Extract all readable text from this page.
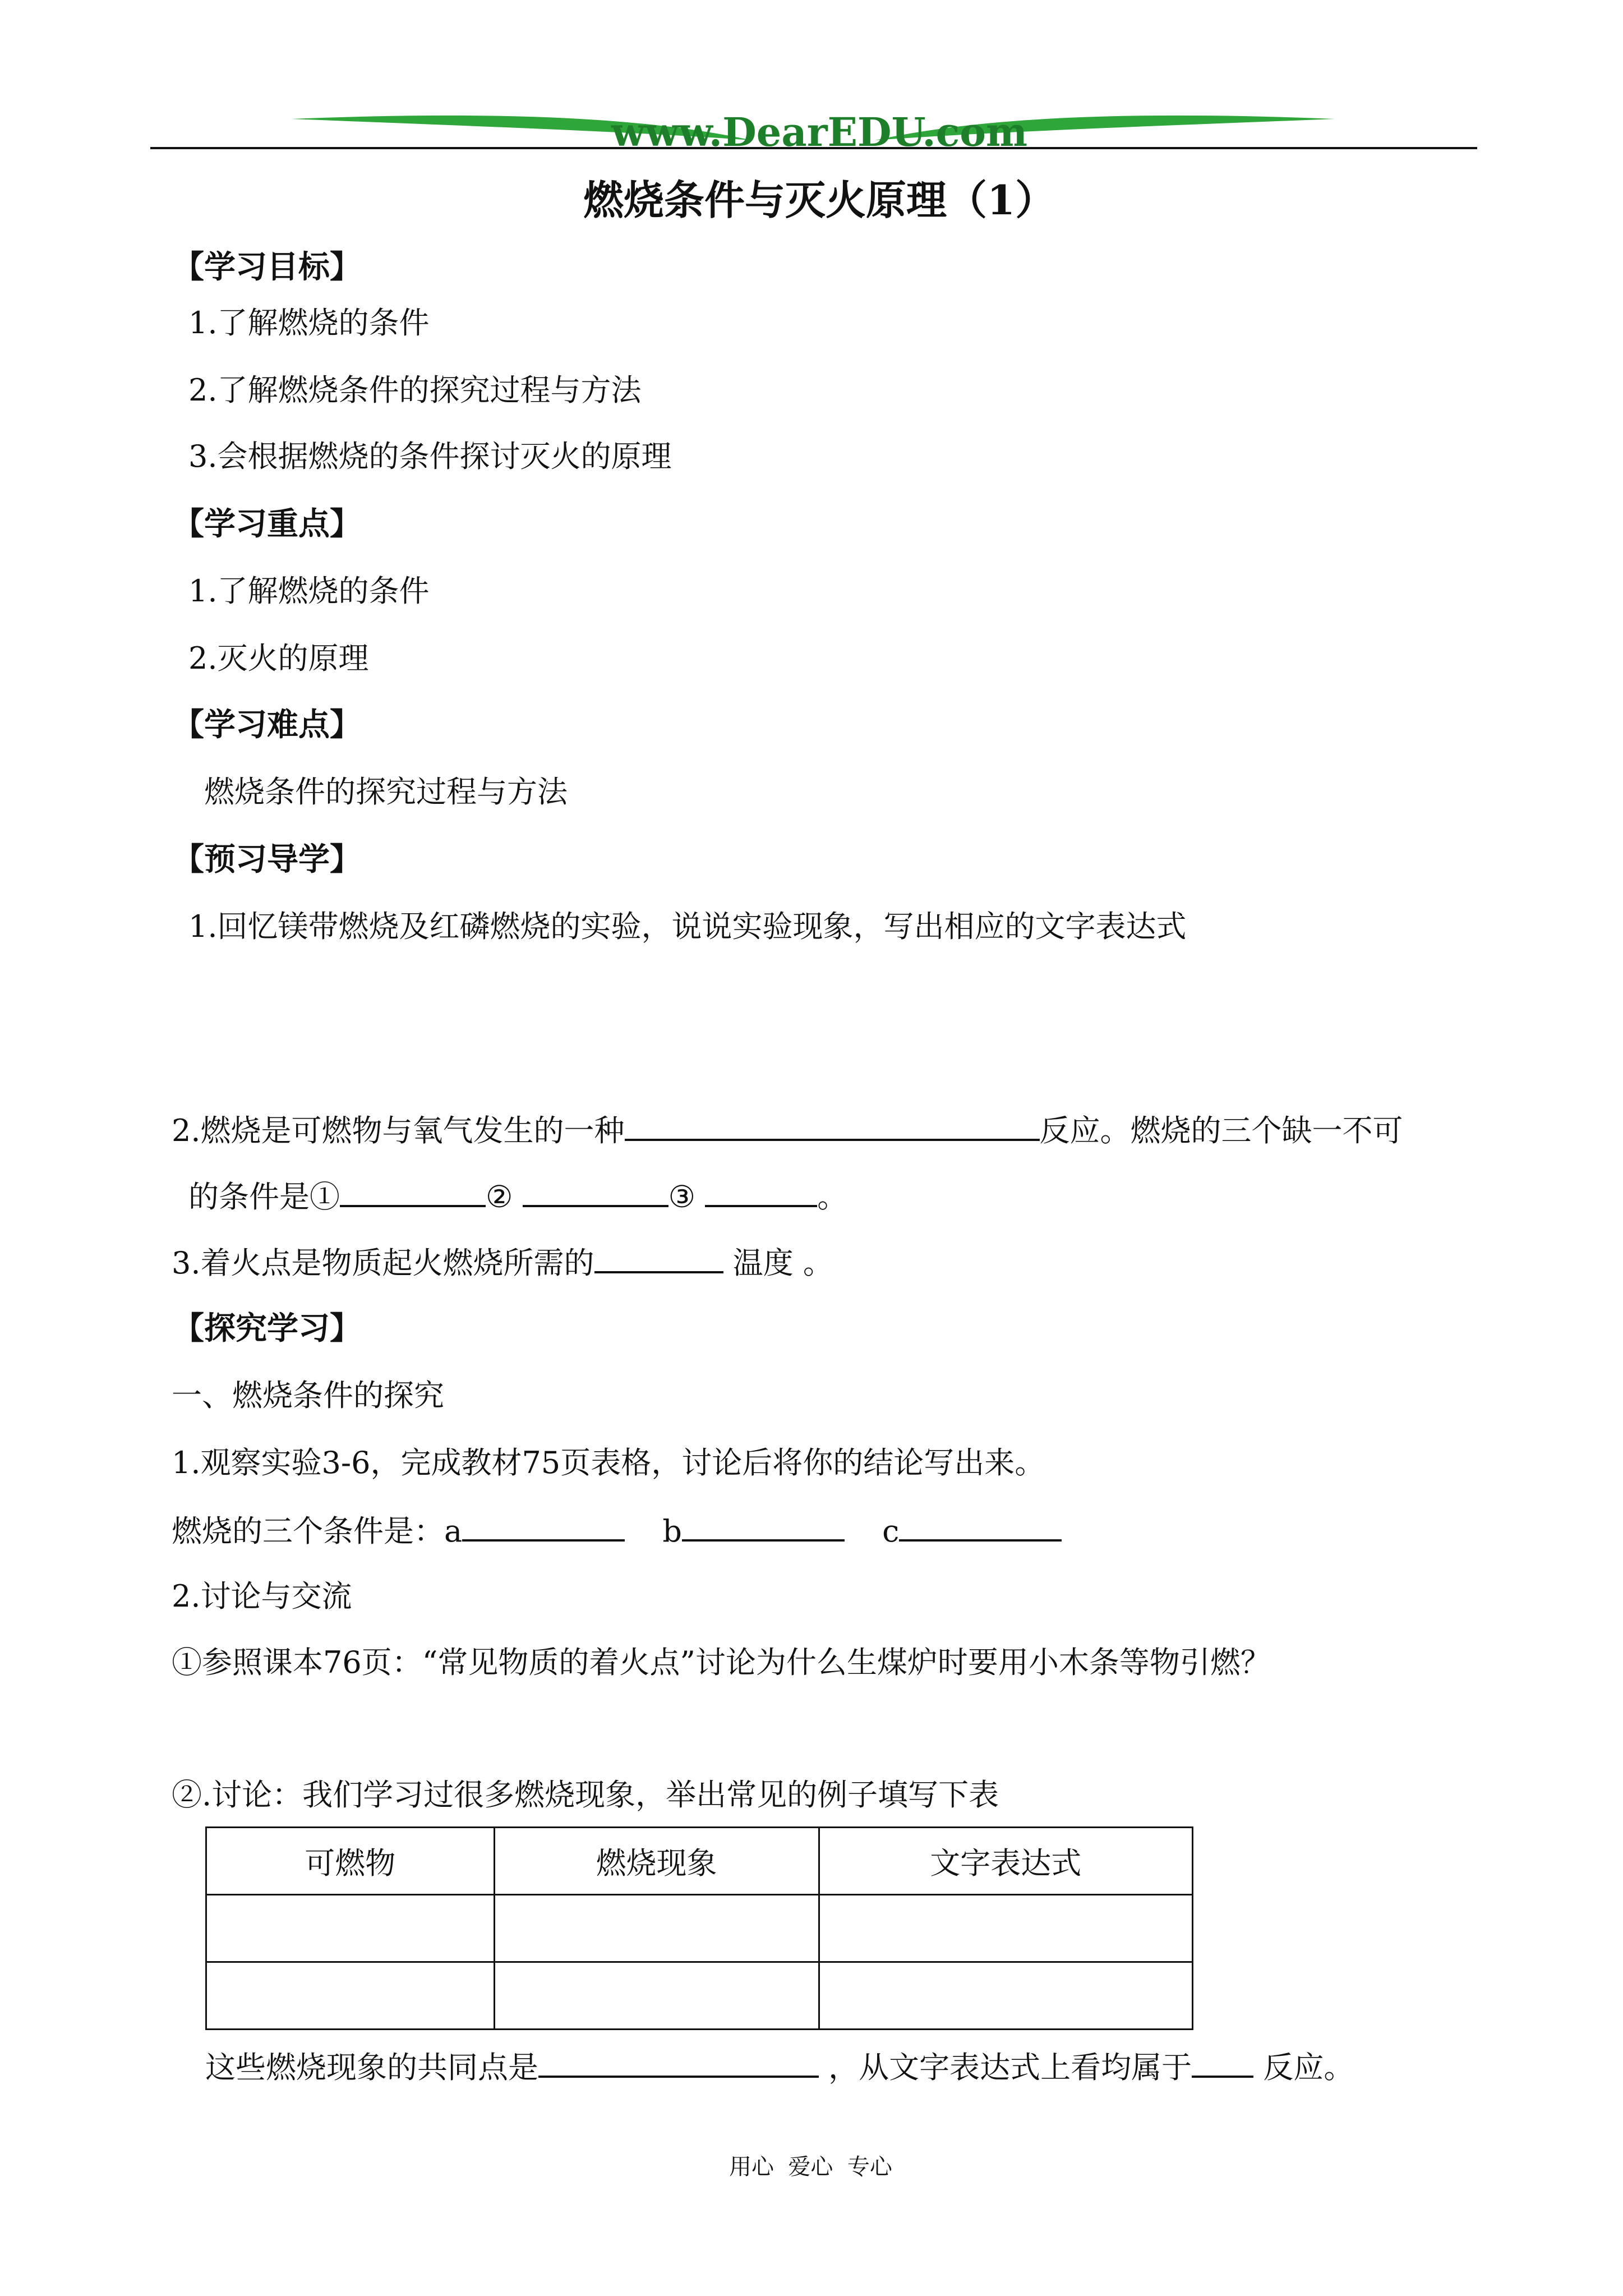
www.DearEDU.com
燃烧条件与灭火原理（1）
【学习目标】
1.了解燃烧的条件
2.了解燃烧条件的探究过程与方法
3.会根据燃烧的条件探讨灭火的原理
【学习重点】
1.了解燃烧的条件
2.灭火的原理
【学习难点】
燃烧条件的探究过程与方法
【预习导学】
1.回忆镁带燃烧及红磷燃烧的实验，说说实验现象，写出相应的文字表达式
2.燃烧是可燃物与氧气发生的一种	反应。燃烧的三个缺一不可
的条件是①	②	③	。
3.着火点是物质起火燃烧所需的	温度 。
【探究学习】
一、燃烧条件的探究
1.观察实验3-6，完成教材75页表格，讨论后将你的结论写出来。
燃烧的三个条件是：a	b	c
2.讨论与交流
①参照课本76页：“常见物质的着火点”讨论为什么生煤炉时要用小木条等物引燃？
②.讨论：我们学习过很多燃烧现象，举出常见的例子填写下表
可燃物	燃烧现象	文字表达式

这些燃烧现象的共同点是	，从文字表达式上看均属于 反应。
用心  爱心  专心
